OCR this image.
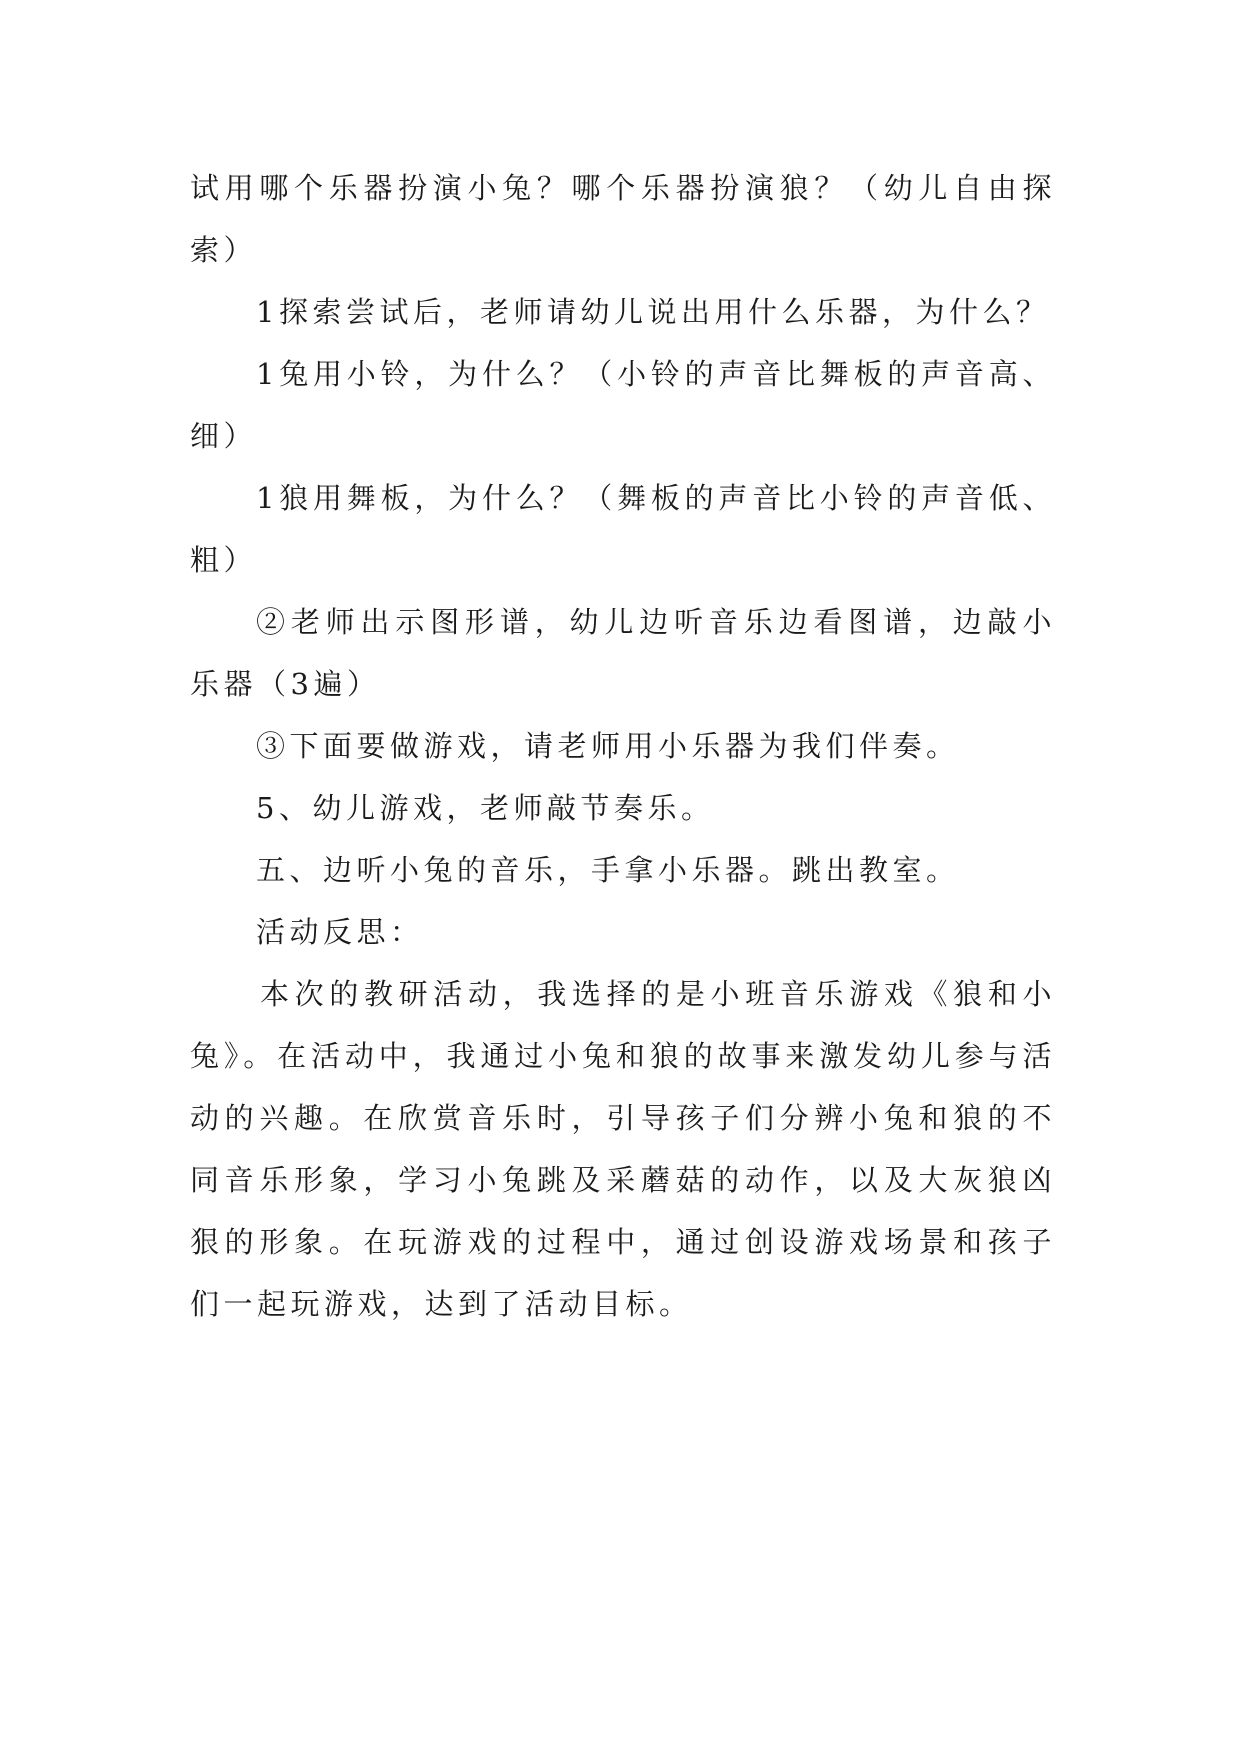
试用哪个乐器扮演小兔？哪个乐器扮演狼？（幼儿自由探索）

1探索尝试后，老师请幼儿说出用什么乐器，为什么？

1兔用小铃，为什么？（小铃的声音比舞板的声音高、细）

1狼用舞板，为什么？（舞板的声音比小铃的声音低、粗）

②老师出示图形谱，幼儿边听音乐边看图谱，边敲小乐器（3遍）

③下面要做游戏，请老师用小乐器为我们伴奏。

5、幼儿游戏，老师敲节奏乐。

五、边听小兔的音乐，手拿小乐器。跳出教室。

活动反思：

本次的教研活动，我选择的是小班音乐游戏《狼和小兔》。在活动中，我通过小兔和狼的故事来激发幼儿参与活动的兴趣。在欣赏音乐时，引导孩子们分辨小兔和狼的不同音乐形象，学习小兔跳及采蘑菇的动作，以及大灰狼凶狠的形象。在玩游戏的过程中，通过创设游戏场景和孩子们一起玩游戏，达到了活动目标。
